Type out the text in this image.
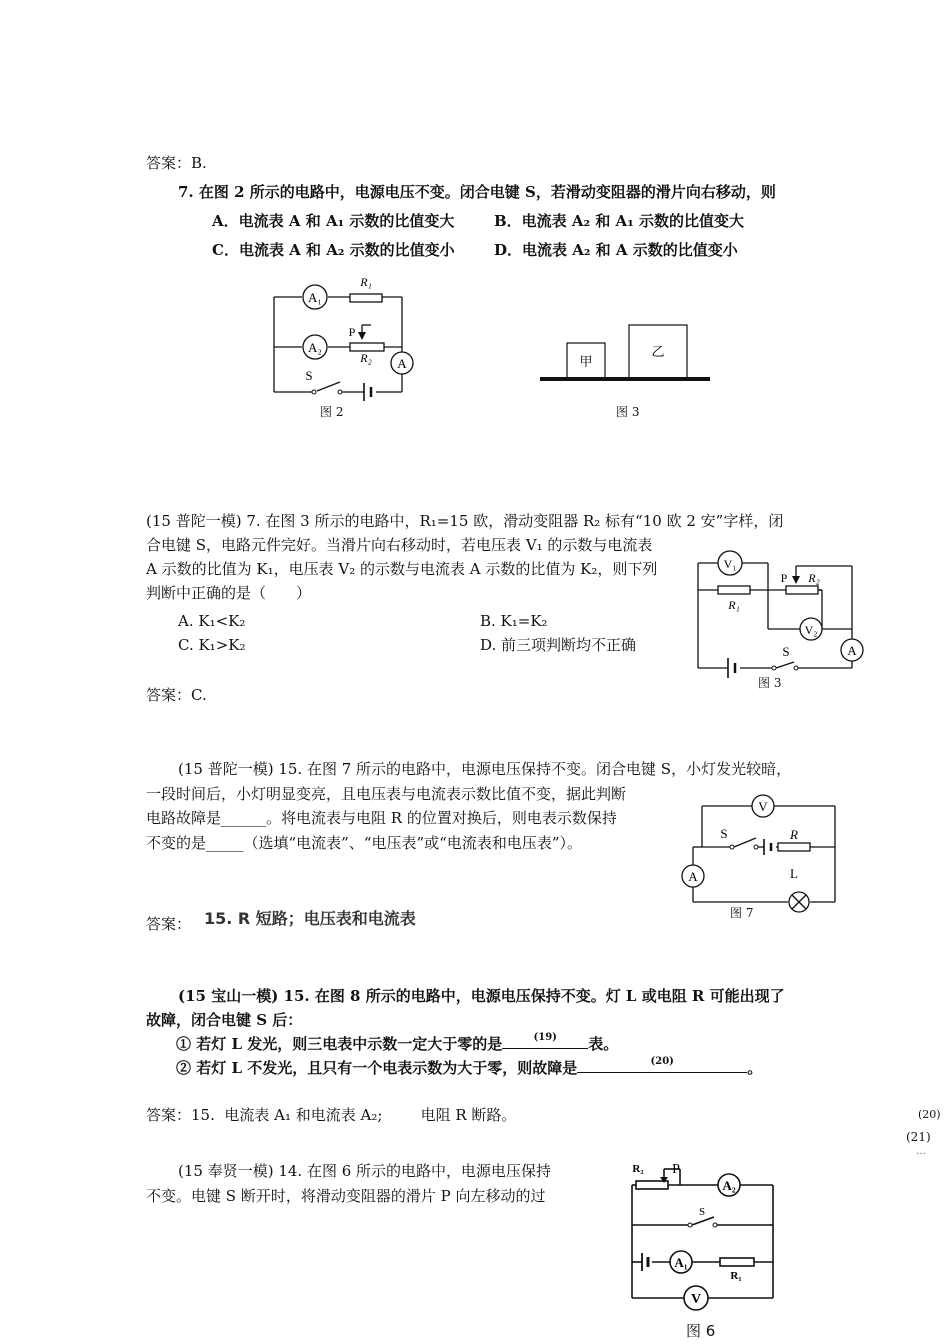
答案：B.
7. 在图 2 所示的电路中，电源电压不变。闭合电键 S，若滑动变阻器的滑片向右移动，则
A．电流表 A 和 A₁ 示数的比值变大	B．电流表 A₂ 和 A₁ 示数的比值变大
C．电流表 A 和 A₂ 示数的比值变小	D．电流表 A₂ 和 A 示数的比值变小
A₁
A₂
A
R₁
R₂
P
S
图 2
甲
乙
图 3
(15 普陀一模) 7. 在图 3 所示的电路中，R₁=15 欧，滑动变阻器 R₂ 标有“10 欧 2 安”字样，闭
合电键 S，电路元件完好。当滑片向右移动时，若电压表 V₁ 的示数与电流表
A 示数的比值为 K₁，电压表 V₂ 的示数与电流表 A 示数的比值为 K₂，则下列
判断中正确的是（　　）
A. K₁<K₂	B. K₁=K₂
C. K₁>K₂	D. 前三项判断均不正确
答案：C.
V₁
V₂
A
P R₂
R₁
S
图 3
(15 普陀一模) 15. 在图 7 所示的电路中，电源电压保持不变。闭合电键 S，小灯发光较暗，
一段时间后，小灯明显变亮，且电压表与电流表示数比值不变，据此判断
电路故障是______。将电流表与电阻 R 的位置对换后，则电表示数保持
不变的是_____（选填“电流表”、“电压表”或“电流表和电压表”）。
答案： 15. R 短路；电压表和电流表
V
A
S	R
L
图 7
(15 宝山一模) 15. 在图 8 所示的电路中，电源电压保持不变。灯 L 或电阻 R 可能出现了
故障，闭合电键 S 后：
① 若灯 L 发光，则三电表中示数一定大于零的是	(19)	表。
② 若灯 L 不发光，且只有一个电表示数为大于零，则故障是	(20)	。
答案：15.  电流表 A₁ 和电流表 A₂;        电阻 R 断路。	(20)
(21)
…
(15 奉贤一模) 14. 在图 6 所示的电路中，电源电压保持
不变。电键 S 断开时，将滑动变阻器的滑片 P 向左移动的过
R₂ P
A₂
A₁
R₁
S
V
图 6
